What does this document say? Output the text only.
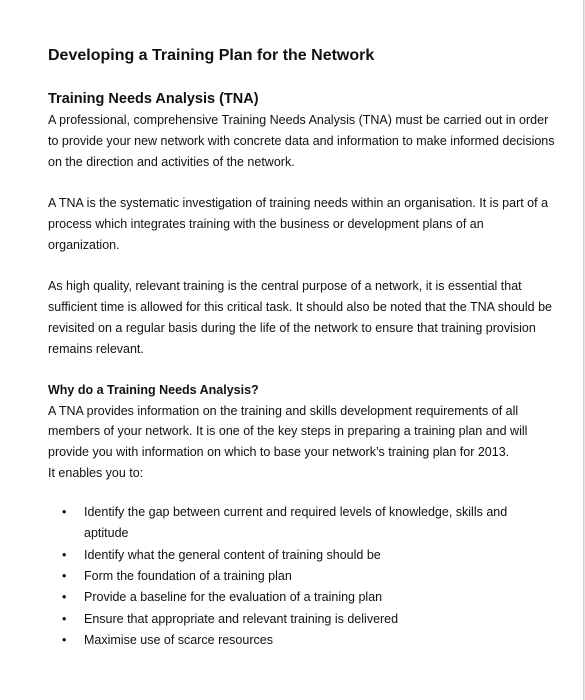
Developing a Training Plan for the Network
Training Needs Analysis (TNA)
A professional, comprehensive Training Needs Analysis (TNA) must be carried out in order
to provide your new network with concrete data and information to make informed decisions
on the direction and activities of the network.
A TNA is the systematic investigation of training needs within an organisation. It is part of a
process which integrates training with the business or development plans of an
organization.
As high quality, relevant training is the central purpose of a network, it is essential that
sufficient time is allowed for this critical task. It should also be noted that the TNA should be
revisited on a regular basis during the life of the network to ensure that training provision
remains relevant.
Why do a Training Needs Analysis?
A TNA provides information on the training and skills development requirements of all
members of your network. It is one of the key steps in preparing a training plan and will
provide you with information on which to base your network’s training plan for 2013.
It enables you to:
• Identify the gap between current and required levels of knowledge, skills and
aptitude
• Identify what the general content of training should be
• Form the foundation of a training plan
• Provide a baseline for the evaluation of a training plan
• Ensure that appropriate and relevant training is delivered
• Maximise use of scarce resources
